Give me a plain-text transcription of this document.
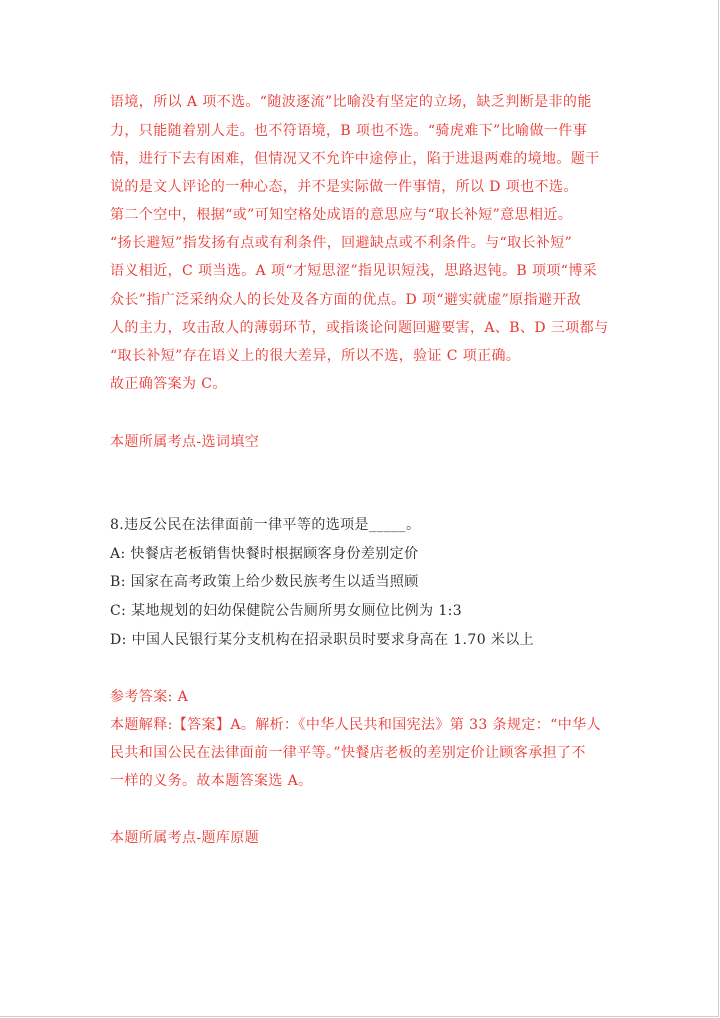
语境，所以 A 项不选。“随波逐流”比喻没有坚定的立场，缺乏判断是非的能
力，只能随着别人走。也不符语境，B 项也不选。“骑虎难下”比喻做一件事
情，进行下去有困难，但情况又不允许中途停止，陷于进退两难的境地。题干
说的是文人评论的一种心态，并不是实际做一件事情，所以 D 项也不选。
第二个空中，根据“或”可知空格处成语的意思应与“取长补短”意思相近。
“扬长避短”指发扬有点或有利条件，回避缺点或不利条件。与“取长补短”
语义相近，C 项当选。A 项“才短思涩”指见识短浅，思路迟钝。B 项项“博采
众长”指广泛采纳众人的长处及各方面的优点。D 项“避实就虚”原指避开敌
人的主力，攻击敌人的薄弱环节，或指谈论问题回避要害，A、B、D 三项都与
“取长补短”存在语义上的很大差异，所以不选，验证 C 项正确。
故正确答案为 C。
本题所属考点-选词填空
8.违反公民在法律面前一律平等的选项是_____。
A: 快餐店老板销售快餐时根据顾客身份差别定价
B: 国家在高考政策上给少数民族考生以适当照顾
C: 某地规划的妇幼保健院公告厕所男女厕位比例为 1:3
D: 中国人民银行某分支机构在招录职员时要求身高在 1.70 米以上
参考答案: A
本题解释:【答案】A。解析：《中华人民共和国宪法》第 33 条规定：“中华人
民共和国公民在法律面前一律平等。”快餐店老板的差别定价让顾客承担了不
一样的义务。故本题答案选 A。
本题所属考点-题库原题
